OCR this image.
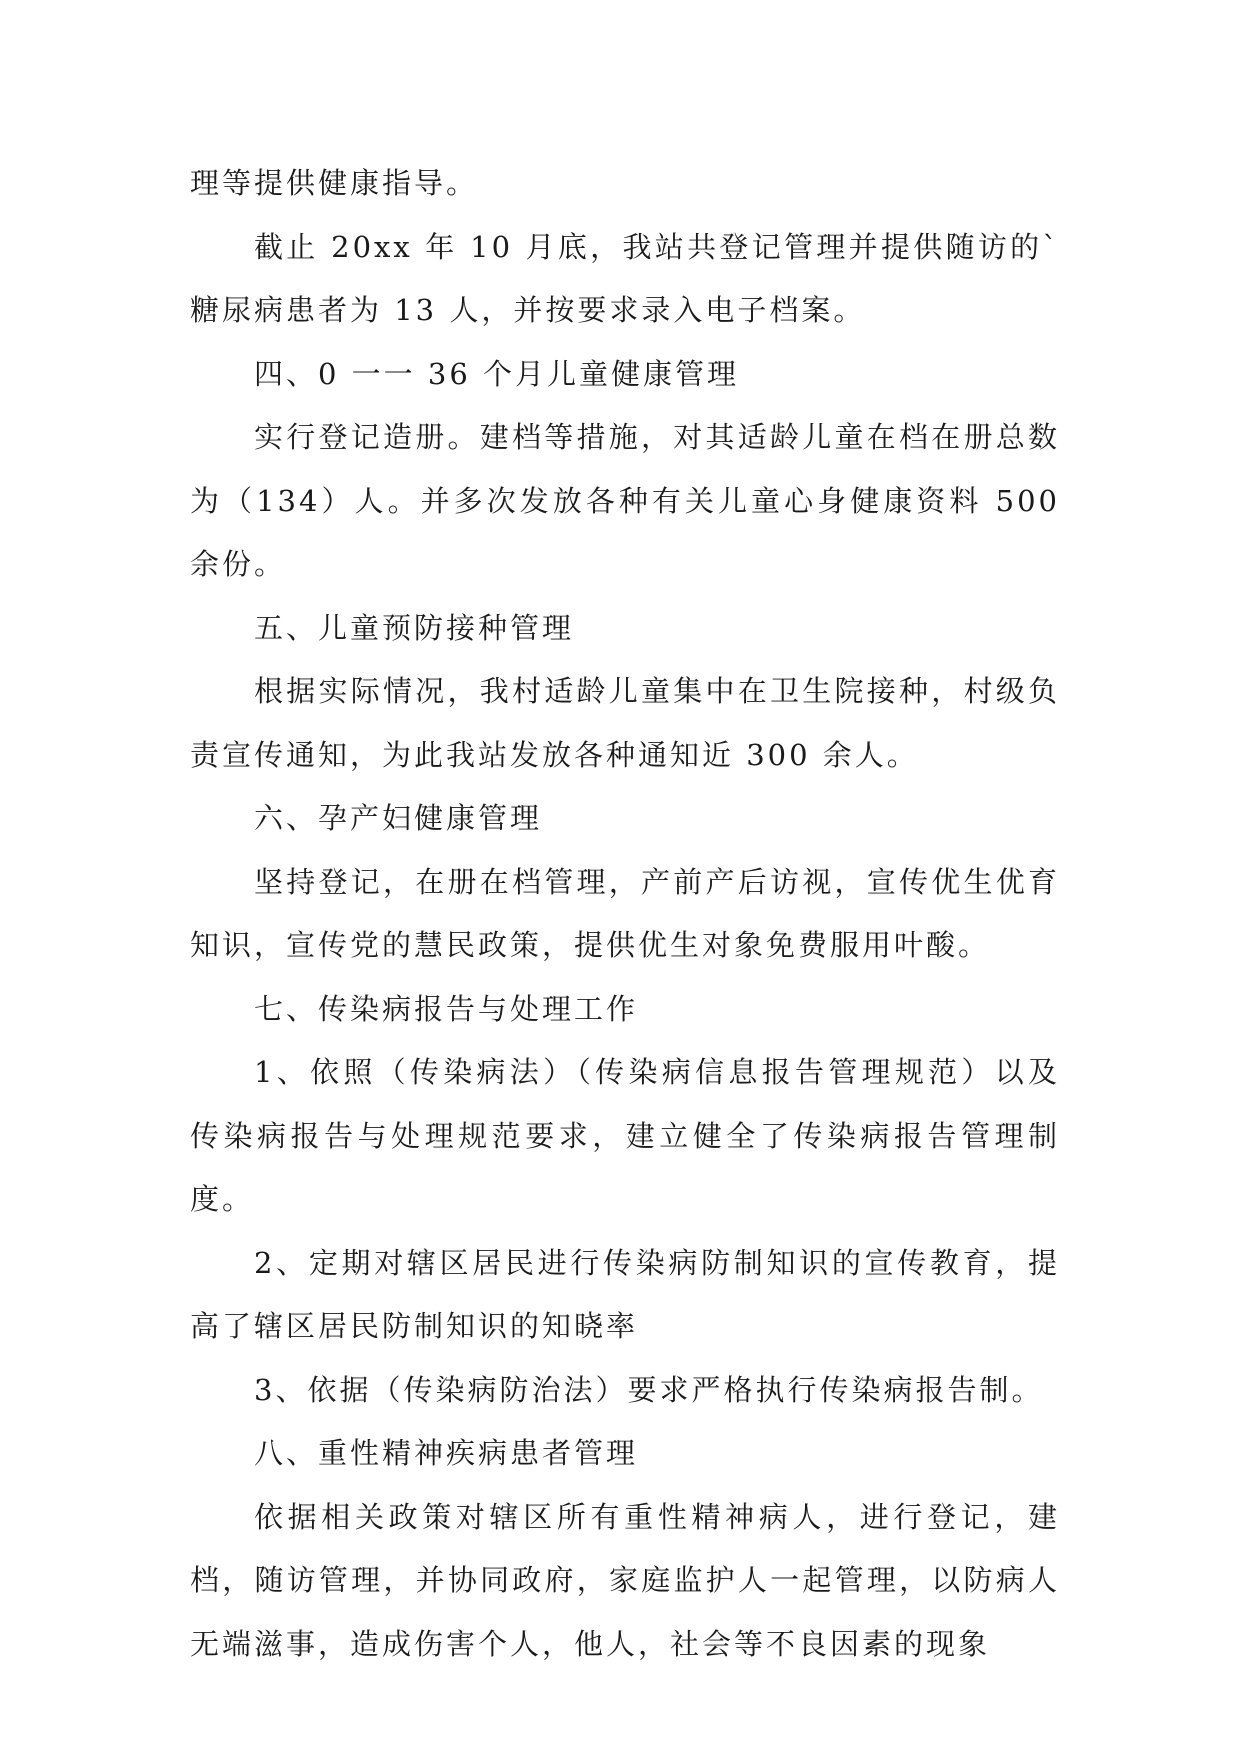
理等提供健康指导。

截止 20xx 年 10 月底，我站共登记管理并提供随访的`糖尿病患者为 13 人，并按要求录入电子档案。

四、0 一一 36 个月儿童健康管理

实行登记造册。建档等措施，对其适龄儿童在档在册总数为（134）人。并多次发放各种有关儿童心身健康资料 500 余份。

五、儿童预防接种管理

根据实际情况，我村适龄儿童集中在卫生院接种，村级负责宣传通知，为此我站发放各种通知近 300 余人。

六、孕产妇健康管理

坚持登记，在册在档管理，产前产后访视，宣传优生优育知识，宣传党的慧民政策，提供优生对象免费服用叶酸。

七、传染病报告与处理工作

1、依照（传染病法）（传染病信息报告管理规范）以及传染病报告与处理规范要求，建立健全了传染病报告管理制度。

2、定期对辖区居民进行传染病防制知识的宣传教育，提高了辖区居民防制知识的知晓率

3、依据（传染病防治法）要求严格执行传染病报告制。

八、重性精神疾病患者管理

依据相关政策对辖区所有重性精神病人，进行登记，建档，随访管理，并协同政府，家庭监护人一起管理，以防病人无端滋事，造成伤害个人，他人，社会等不良因素的现象
